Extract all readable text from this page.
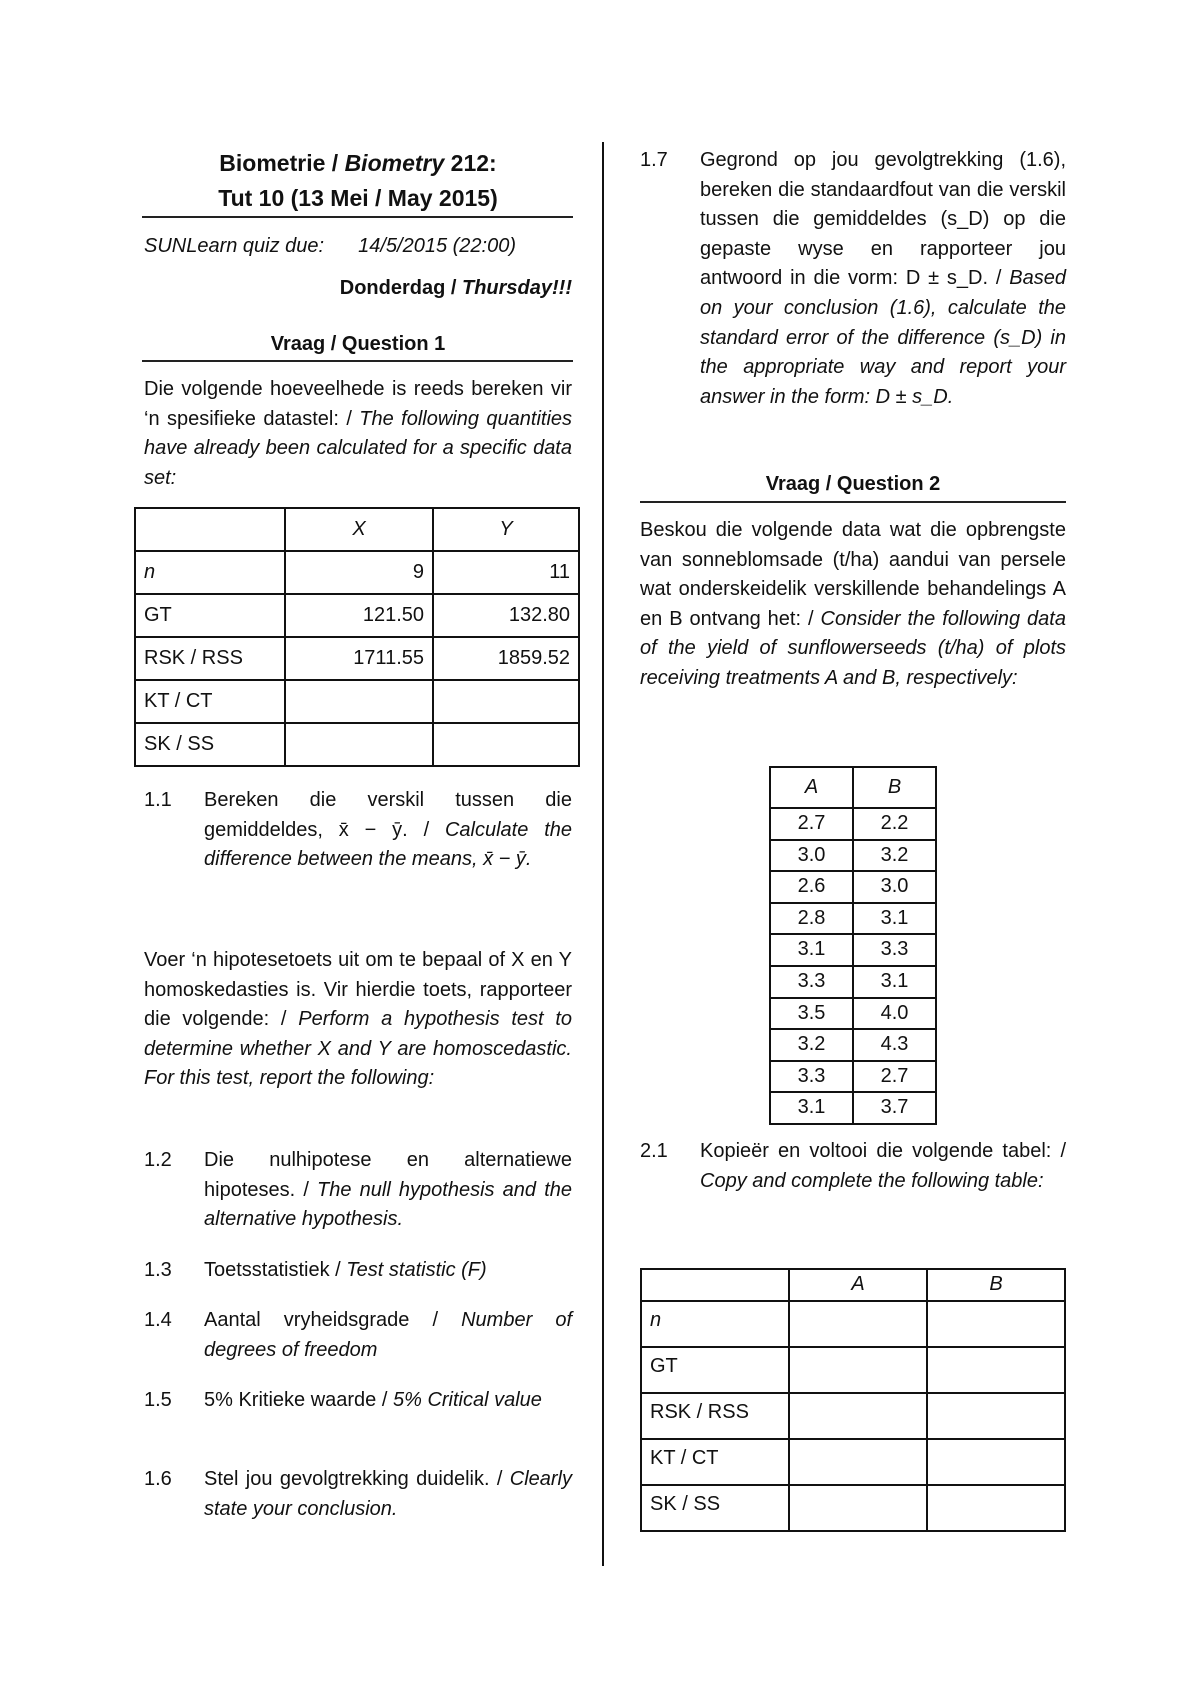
Biometrie / Biometry 212:
Tut 10 (13 Mei / May 2015)
SUNLearn quiz due: 14/5/2015 (22:00)
Donderdag / Thursday!!!
Vraag / Question 1
Die volgende hoeveelhede is reeds bereken vir ‘n spesifieke datastel: / The following quantities have already been calculated for a specific data set:
	X	Y
n	9	11
GT	121.50	132.80
RSK / RSS	1711.55	1859.52
KT / CT		
SK / SS		
1.1 Bereken die verskil tussen die gemiddeldes, x̄ − ȳ. / Calculate the difference between the means, x̄ − ȳ.
Voer ‘n hipotesetoets uit om te bepaal of X en Y homoskedasties is. Vir hierdie toets, rapporteer die volgende: / Perform a hypothesis test to determine whether X and Y are homoscedastic. For this test, report the following:
1.2 Die nulhipotese en alternatiewe hipoteses. / The null hypothesis and the alternative hypothesis.
1.3 Toetsstatistiek / Test statistic (F)
1.4 Aantal vryheidsgrade / Number of degrees of freedom
1.5 5% Kritieke waarde / 5% Critical value
1.6 Stel jou gevolgtrekking duidelik. / Clearly state your conclusion.
1.7 Gegrond op jou gevolgtrekking (1.6), bereken die standaardfout van die verskil tussen die gemiddeldes (s_D) op die gepaste wyse en rapporteer jou antwoord in die vorm: D ± s_D. / Based on your conclusion (1.6), calculate the standard error of the difference (s_D) in the appropriate way and report your answer in the form: D ± s_D.
Vraag / Question 2
Beskou die volgende data wat die opbrengste van sonneblomsade (t/ha) aandui van persele wat onderskeidelik verskillende behandelings A en B ontvang het: / Consider the following data of the yield of sunflowerseeds (t/ha) of plots receiving treatments A and B, respectively:
A	B
2.7	2.2
3.0	3.2
2.6	3.0
2.8	3.1
3.1	3.3
3.3	3.1
3.5	4.0
3.2	4.3
3.3	2.7
3.1	3.7
2.1 Kopieër en voltooi die volgende tabel: / Copy and complete the following table:
	A	B
n		
GT		
RSK / RSS		
KT / CT		
SK / SS		
